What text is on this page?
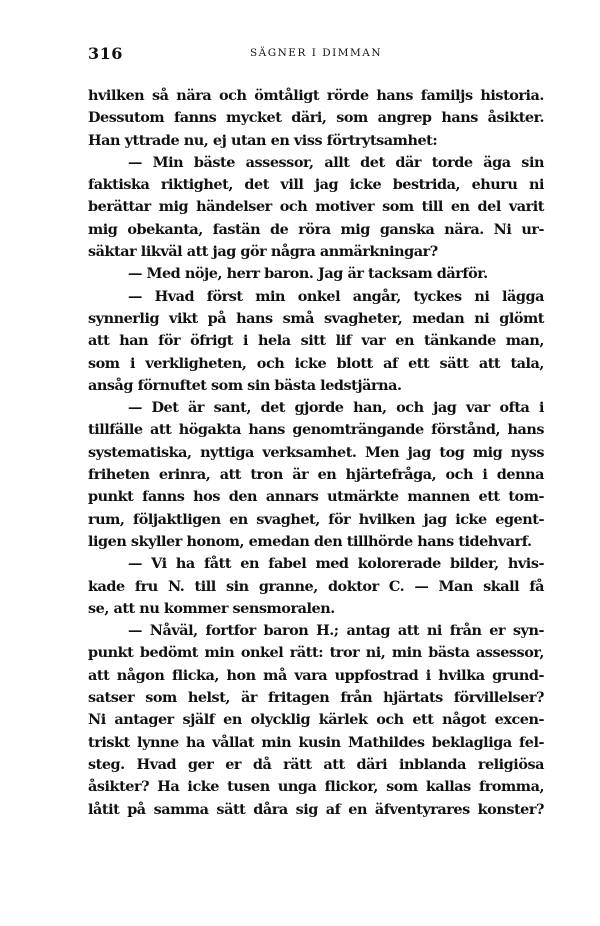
316	SÄGNER I DIMMAN
hvilken så nära och ömtåligt rörde hans familjs historia.
Dessutom fanns mycket däri, som angrep hans åsikter.
Han yttrade nu, ej utan en viss förtrytsamhet:
— Min bäste assessor, allt det där torde äga sin
faktiska riktighet, det vill jag icke bestrida, ehuru ni
berättar mig händelser och motiver som till en del varit
mig obekanta, fastän de röra mig ganska nära. Ni ur-
säktar likväl att jag gör några anmärkningar?
— Med nöje, herr baron. Jag är tacksam därför.
— Hvad först min onkel angår, tyckes ni lägga
synnerlig vikt på hans små svagheter, medan ni glömt
att han för öfrigt i hela sitt lif var en tänkande man,
som i verkligheten, och icke blott af ett sätt att tala,
ansåg förnuftet som sin bästa ledstjärna.
— Det är sant, det gjorde han, och jag var ofta i
tillfälle att högakta hans genomträngande förstånd, hans
systematiska, nyttiga verksamhet. Men jag tog mig nyss
friheten erinra, att tron är en hjärtefråga, och i denna
punkt fanns hos den annars utmärkte mannen ett tom-
rum, följaktligen en svaghet, för hvilken jag icke egent-
ligen skyller honom, emedan den tillhörde hans tidehvarf.
— Vi ha fått en fabel med kolorerade bilder, hvis-
kade fru N. till sin granne, doktor C. — Man skall få
se, att nu kommer sensmoralen.
— Nåväl, fortfor baron H.; antag att ni från er syn-
punkt bedömt min onkel rätt: tror ni, min bästa assessor,
att någon flicka, hon må vara uppfostrad i hvilka grund-
satser som helst, är fritagen från hjärtats förvillelser?
Ni antager själf en olycklig kärlek och ett något excen-
triskt lynne ha vållat min kusin Mathildes beklagliga fel-
steg. Hvad ger er då rätt att däri inblanda religiösa
åsikter? Ha icke tusen unga flickor, som kallas fromma,
låtit på samma sätt dåra sig af en äfventyrares konster?
